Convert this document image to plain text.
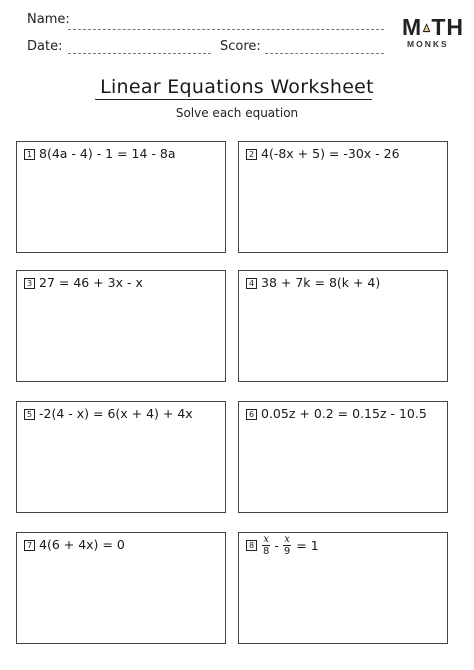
Name:
Date:	Score:
M TH
MONKS
Linear Equations Worksheet
Solve each equation
1 8(4a - 4) - 1 = 14 - 8a	2 4(-8x + 5) = -30x - 26
3 27 = 46 + 3x - x	4 38 + 7k = 8(k + 4)
5 -2(4 - x) = 6(x + 4) + 4x	6 0.05z + 0.2 = 0.15z - 10.5
7 4(6 + 4x) = 0	$8 \frac{x}{8} - \frac{x}{9} = 1$
